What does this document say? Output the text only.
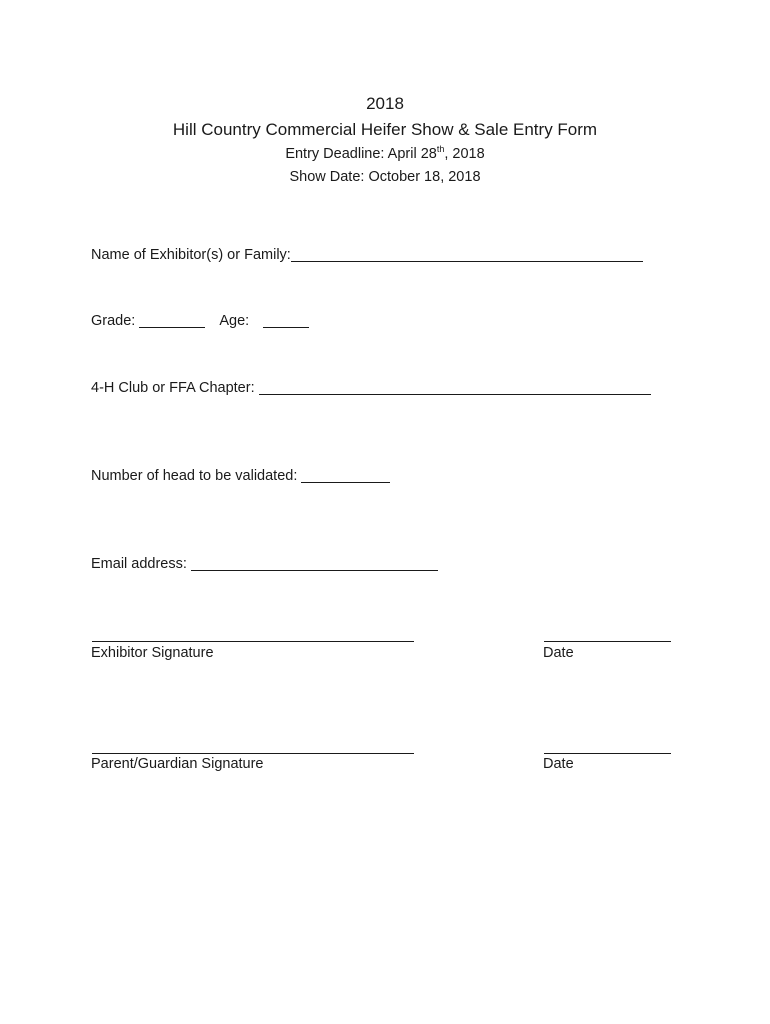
2018
Hill Country Commercial Heifer Show & Sale Entry Form
Entry Deadline: April 28th, 2018
Show Date: October 18, 2018
Name of Exhibitor(s) or Family:
Grade:	Age:
4-H Club or FFA Chapter:
Number of head to be validated:
Email address:
Exhibitor Signature	Date
Parent/Guardian Signature	Date
